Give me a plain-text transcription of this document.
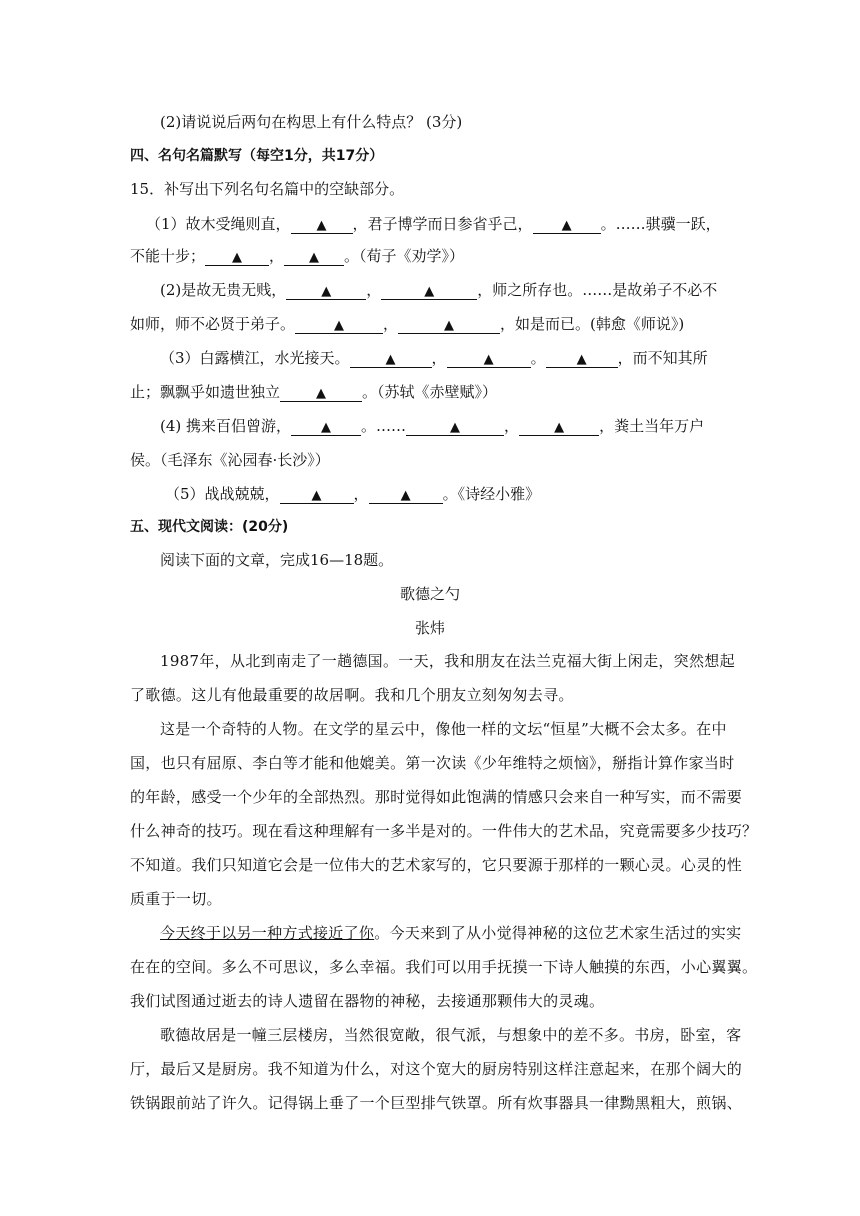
(2)请说说后两句在构思上有什么特点？ (3分)
四、名句名篇默写（每空1分，共17分）
15．补写出下列名句名篇中的空缺部分。
（1）故木受绳则直， ▲ ，君子博学而日参省乎己， ▲ 。……骐骥一跃，
不能十步； ▲ ， ▲ 。（荀子《劝学》）
(2)是故无贵无贱，	▲ ，	▲	，师之所存也。……是故弟子不必不
如师，师不必贤于弟子。	▲	，	▲	，如是而已。(韩愈《师说》)
（3）白露横江，水光接天。	▲ ，	▲ 。 ▲ ，而不知其所
止；飘飘乎如遗世独立	▲ 。（苏轼《赤壁赋》）
(4) 携来百侣曾游， ▲ 。……	▲	，	▲ ，粪土当年万户
侯。（毛泽东《沁园春·长沙》）
（5）战战兢兢， ▲ ， ▲ 。《诗经小雅》
五、现代文阅读：(20分)
阅读下面的文章，完成16—18题。
歌德之勺
张炜
1987年，从北到南走了一趟德国。一天，我和朋友在法兰克福大街上闲走，突然想起
了歌德。这儿有他最重要的故居啊。我和几个朋友立刻匆匆去寻。
这是一个奇特的人物。在文学的星云中，像他一样的文坛“恒星”大概不会太多。在中
国，也只有屈原、李白等才能和他媲美。第一次读《少年维特之烦恼》，掰指计算作家当时
的年龄，感受一个少年的全部热烈。那时觉得如此饱满的情感只会来自一种写实，而不需要
什么神奇的技巧。现在看这种理解有一多半是对的。一件伟大的艺术品，究竟需要多少技巧？
不知道。我们只知道它会是一位伟大的艺术家写的，它只要源于那样的一颗心灵。心灵的性
质重于一切。
今天终于以另一种方式接近了你。今天来到了从小觉得神秘的这位艺术家生活过的实实
在在的空间。多么不可思议，多么幸福。我们可以用手抚摸一下诗人触摸的东西，小心翼翼。
我们试图通过逝去的诗人遗留在器物的神秘，去接通那颗伟大的灵魂。
歌德故居是一幢三层楼房，当然很宽敞，很气派，与想象中的差不多。书房，卧室，客
厅，最后又是厨房。我不知道为什么，对这个宽大的厨房特别这样注意起来，在那个阔大的
铁锅跟前站了许久。记得锅上垂了一个巨型排气铁罩。所有炊事器具一律黝黑粗大，煎锅、
